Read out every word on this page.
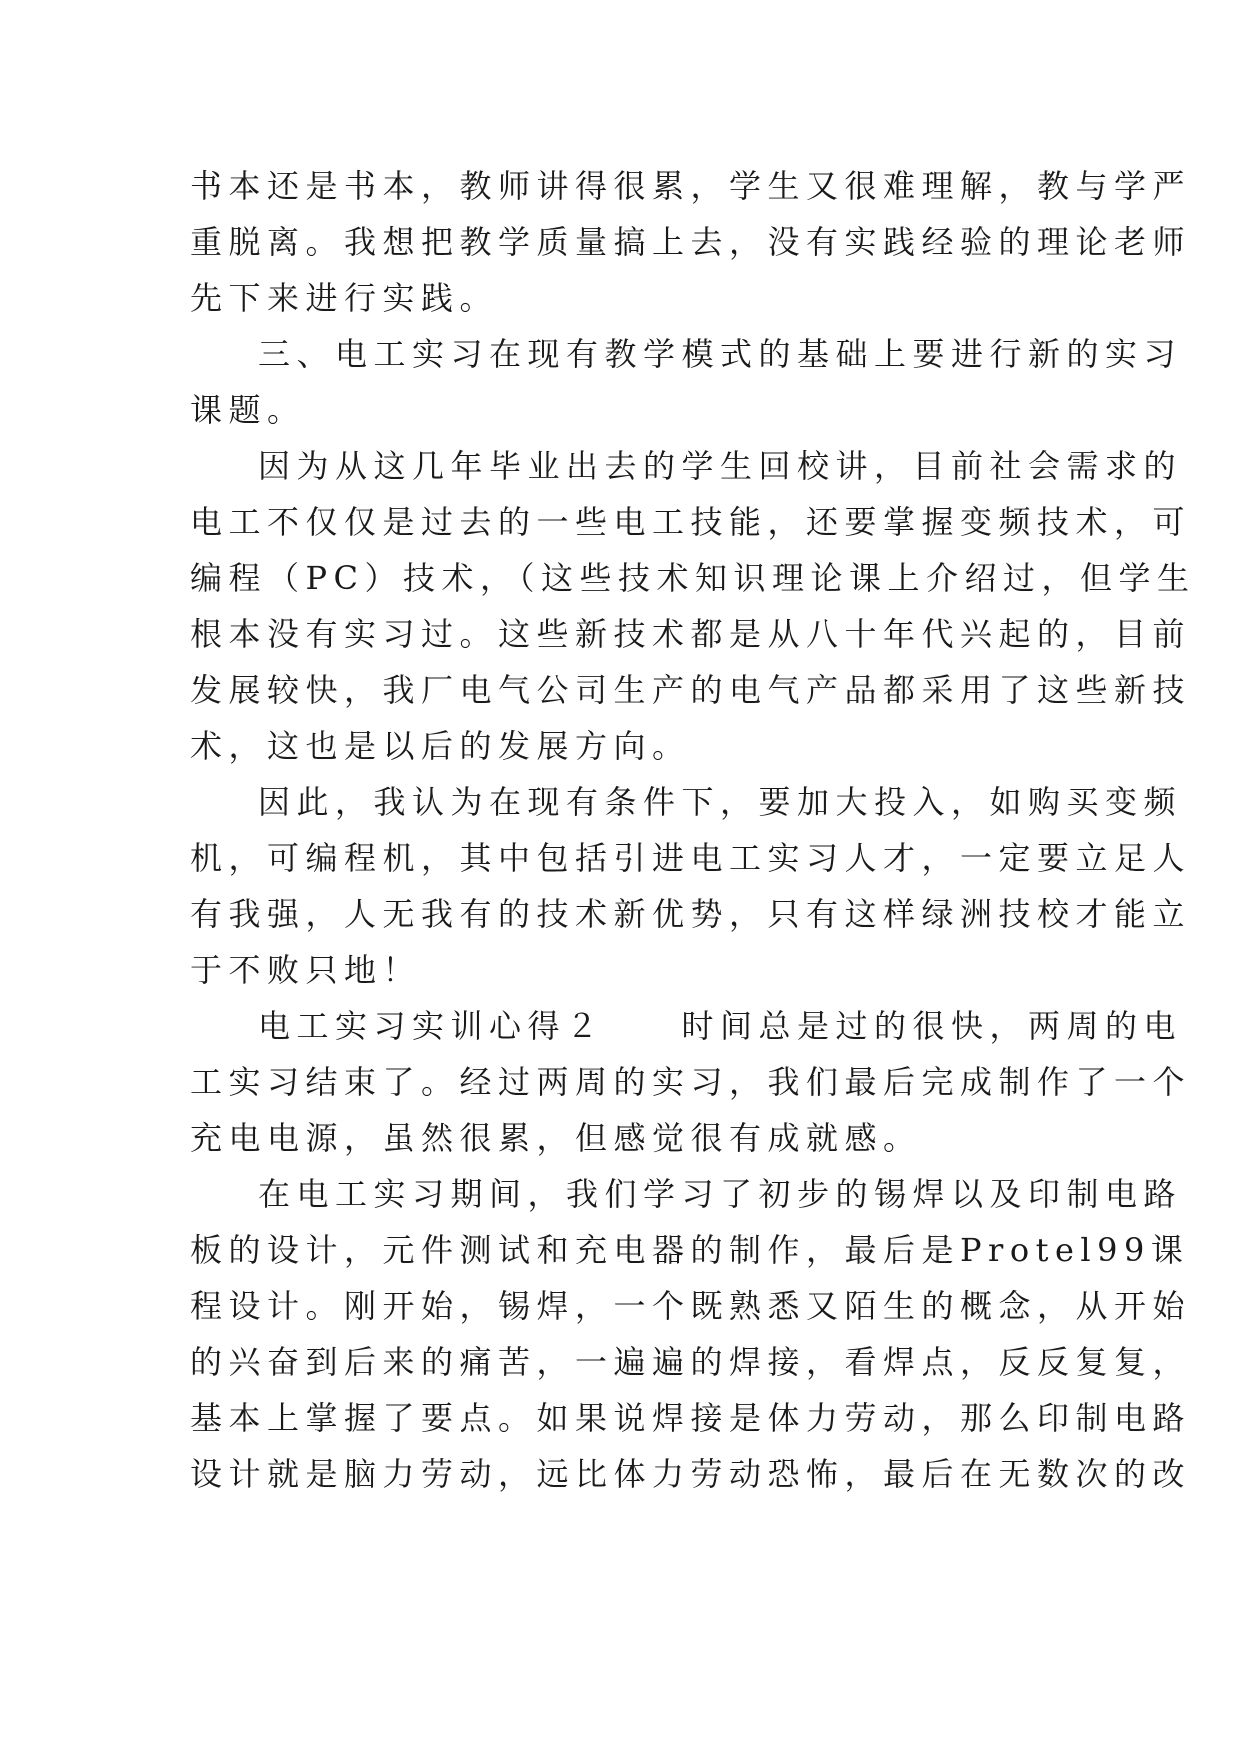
书本还是书本，教师讲得很累，学生又很难理解，教与学严
重脱离。我想把教学质量搞上去，没有实践经验的理论老师
先下来进行实践。
三、电工实习在现有教学模式的基础上要进行新的实习
课题。
因为从这几年毕业出去的学生回校讲，目前社会需求的
电工不仅仅是过去的一些电工技能，还要掌握变频技术，可
编程（PC）技术，（这些技术知识理论课上介绍过，但学生
根本没有实习过。这些新技术都是从八十年代兴起的，目前
发展较快，我厂电气公司生产的电气产品都采用了这些新技
术，这也是以后的发展方向。
因此，我认为在现有条件下，要加大投入，如购买变频
机，可编程机，其中包括引进电工实习人才，一定要立足人
有我强，人无我有的技术新优势，只有这样绿洲技校才能立
于不败只地！
电工实习实训心得２　　时间总是过的很快，两周的电
工实习结束了。经过两周的实习，我们最后完成制作了一个
充电电源，虽然很累，但感觉很有成就感。
在电工实习期间，我们学习了初步的锡焊以及印制电路
板的设计，元件测试和充电器的制作，最后是Protel99课
程设计。刚开始，锡焊，一个既熟悉又陌生的概念，从开始
的兴奋到后来的痛苦，一遍遍的焊接，看焊点，反反复复，
基本上掌握了要点。如果说焊接是体力劳动，那么印制电路
设计就是脑力劳动，远比体力劳动恐怖，最后在无数次的改
